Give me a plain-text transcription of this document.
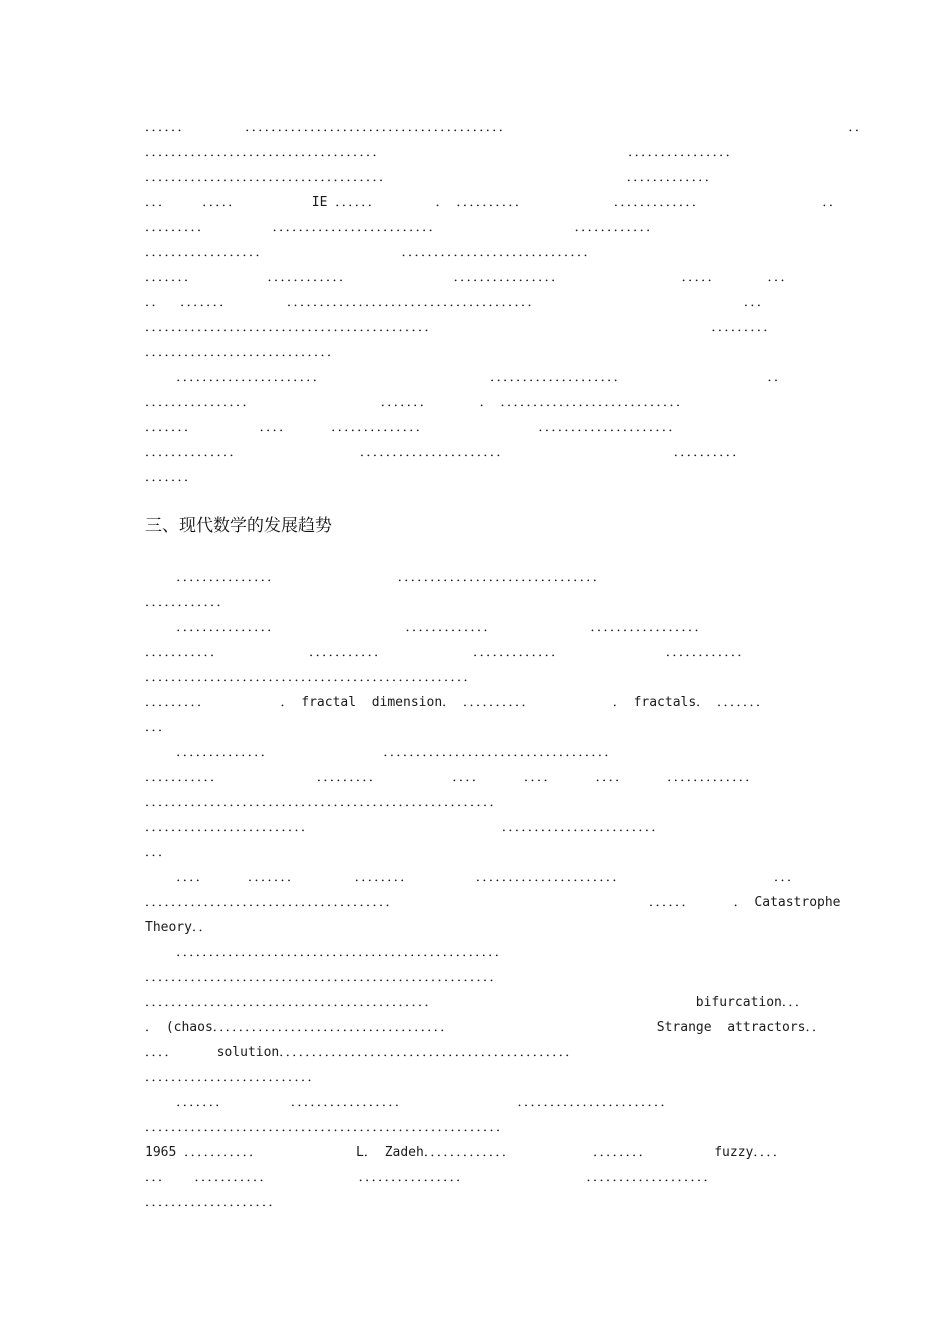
．．．．．．       ．．．．．．．．．．．．．．．．．．．．．．．．．．．．．．．．．．．．．．．．                                           ．．
．．．．．．．．．．．．．．．．．．．．．．．．．．．．．．．．．．．．                               ．．．．．．．．．．．．．．．．
．．．．．．．．．．．．．．．．．．．．．．．．．．．．．．．．．．．．．                              ．．．．．．．．．．．．．
．．．    ．．．．．         IE ．．．．．．       ． ．．．．．．．．．．           ．．．．．．．．．．．．．               ．．
．．．．．．．．．        ．．．．．．．．．．．．．．．．．．．．．．．．．                 ．．．．．．．．．．．．
．．．．．．．．．．．．．．．．．．                 ．．．．．．．．．．．．．．．．．．．．．．．．．．．．．
．．．．．．．         ．．．．．．．．．．．．             ．．．．．．．．．．．．．．．．               ．．．．．      ．．．
．．  ．．．．．．．       ．．．．．．．．．．．．．．．．．．．．．．．．．．．．．．．．．．．．．．                          ．．．
．．．．．．．．．．．．．．．．．．．．．．．．．．．．．．．．．．．．．．．．．．．．                                   ．．．．．．．．．
．．．．．．．．．．．．．．．．．．．．．．．．．．．．．
．．．．．．．．．．．．．．．．．．．．．．                     ．．．．．．．．．．．．．．．．．．．．                  ．．
．．．．．．．．．．．．．．．．                ．．．．．．．      ． ．．．．．．．．．．．．．．．．．．．．．．．．．．．．
．．．．．．．        ．．．．     ．．．．．．．．．．．．．．              ．．．．．．．．．．．．．．．．．．．．．
．．．．．．．．．．．．．．               ．．．．．．．．．．．．．．．．．．．．．．                     ．．．．．．．．．．
．．．．．．．
．．．．．．．．．．．．．．．               ．．．．．．．．．．．．．．．．．．．．．．．．．．．．．．．
．．．．．．．．．．．．
．．．．．．．．．．．．．．．                ．．．．．．．．．．．．．            ．．．．．．．．．．．．．．．．．
．．．．．．．．．．．           ．．．．．．．．．．．           ．．．．．．．．．．．．．             ．．．．．．．．．．．．
．．．．．．．．．．．．．．．．．．．．．．．．．．．．．．．．．．．．．．．．．．．．．．．．．．
．．．．．．．．．         ． fractal  dimension． ．．．．．．．．．．          ． fractals． ．．．．．．．
．．．
．．．．．．．．．．．．．．              ．．．．．．．．．．．．．．．．．．．．．．．．．．．．．．．．．．．
．．．．．．．．．．．            ．．．．．．．．．         ．．．．     ．．．．     ．．．．     ．．．．．．．．．．．．．
．．．．．．．．．．．．．．．．．．．．．．．．．．．．．．．．．．．．．．．．．．．．．．．．．．．．．．
．．．．．．．．．．．．．．．．．．．．．．．．．                        ．．．．．．．．．．．．．．．．．．．．．．．．
．．．
．．．．     ．．．．．．．       ．．．．．．．．        ．．．．．．．．．．．．．．．．．．．．．．                   ．．．
．．．．．．．．．．．．．．．．．．．．．．．．．．．．．．．．．．．．．．                                ．．．．．．     ． Catastrophe
Theory．．
．．．．．．．．．．．．．．．．．．．．．．．．．．．．．．．．．．．．．．．．．．．．．．．．．．
．．．．．．．．．．．．．．．．．．．．．．．．．．．．．．．．．．．．．．．．．．．．．．．．．．．．．．
．．．．．．．．．．．．．．．．．．．．．．．．．．．．．．．．．．．．．．．．．．．．                                 bifurcation．．．
． (chaos．．．．．．．．．．．．．．．．．．．．．．．．．．．．．．．．．．．．                          Strange  attractors．．
．．．．     solution．．．．．．．．．．．．．．．．．．．．．．．．．．．．．．．．．．．．．．．．．．．．．
．．．．．．．．．．．．．．．．．．．．．．．．．．
．．．．．．．        ．．．．．．．．．．．．．．．．．              ．．．．．．．．．．．．．．．．．．．．．．．
．．．．．．．．．．．．．．．．．．．．．．．．．．．．．．．．．．．．．．．．．．．．．．．．．．．．．．．
1965 ．．．．．．．．．．．            L． Zadeh．．．．．．．．．．．．．          ．．．．．．．．        fuzzy．．．．
．．．   ．．．．．．．．．．．           ．．．．．．．．．．．．．．．．               ．．．．．．．．．．．．．．．．．．．
．．．．．．．．．．．．．．．．．．．．
三、现代数学的发展趋势
